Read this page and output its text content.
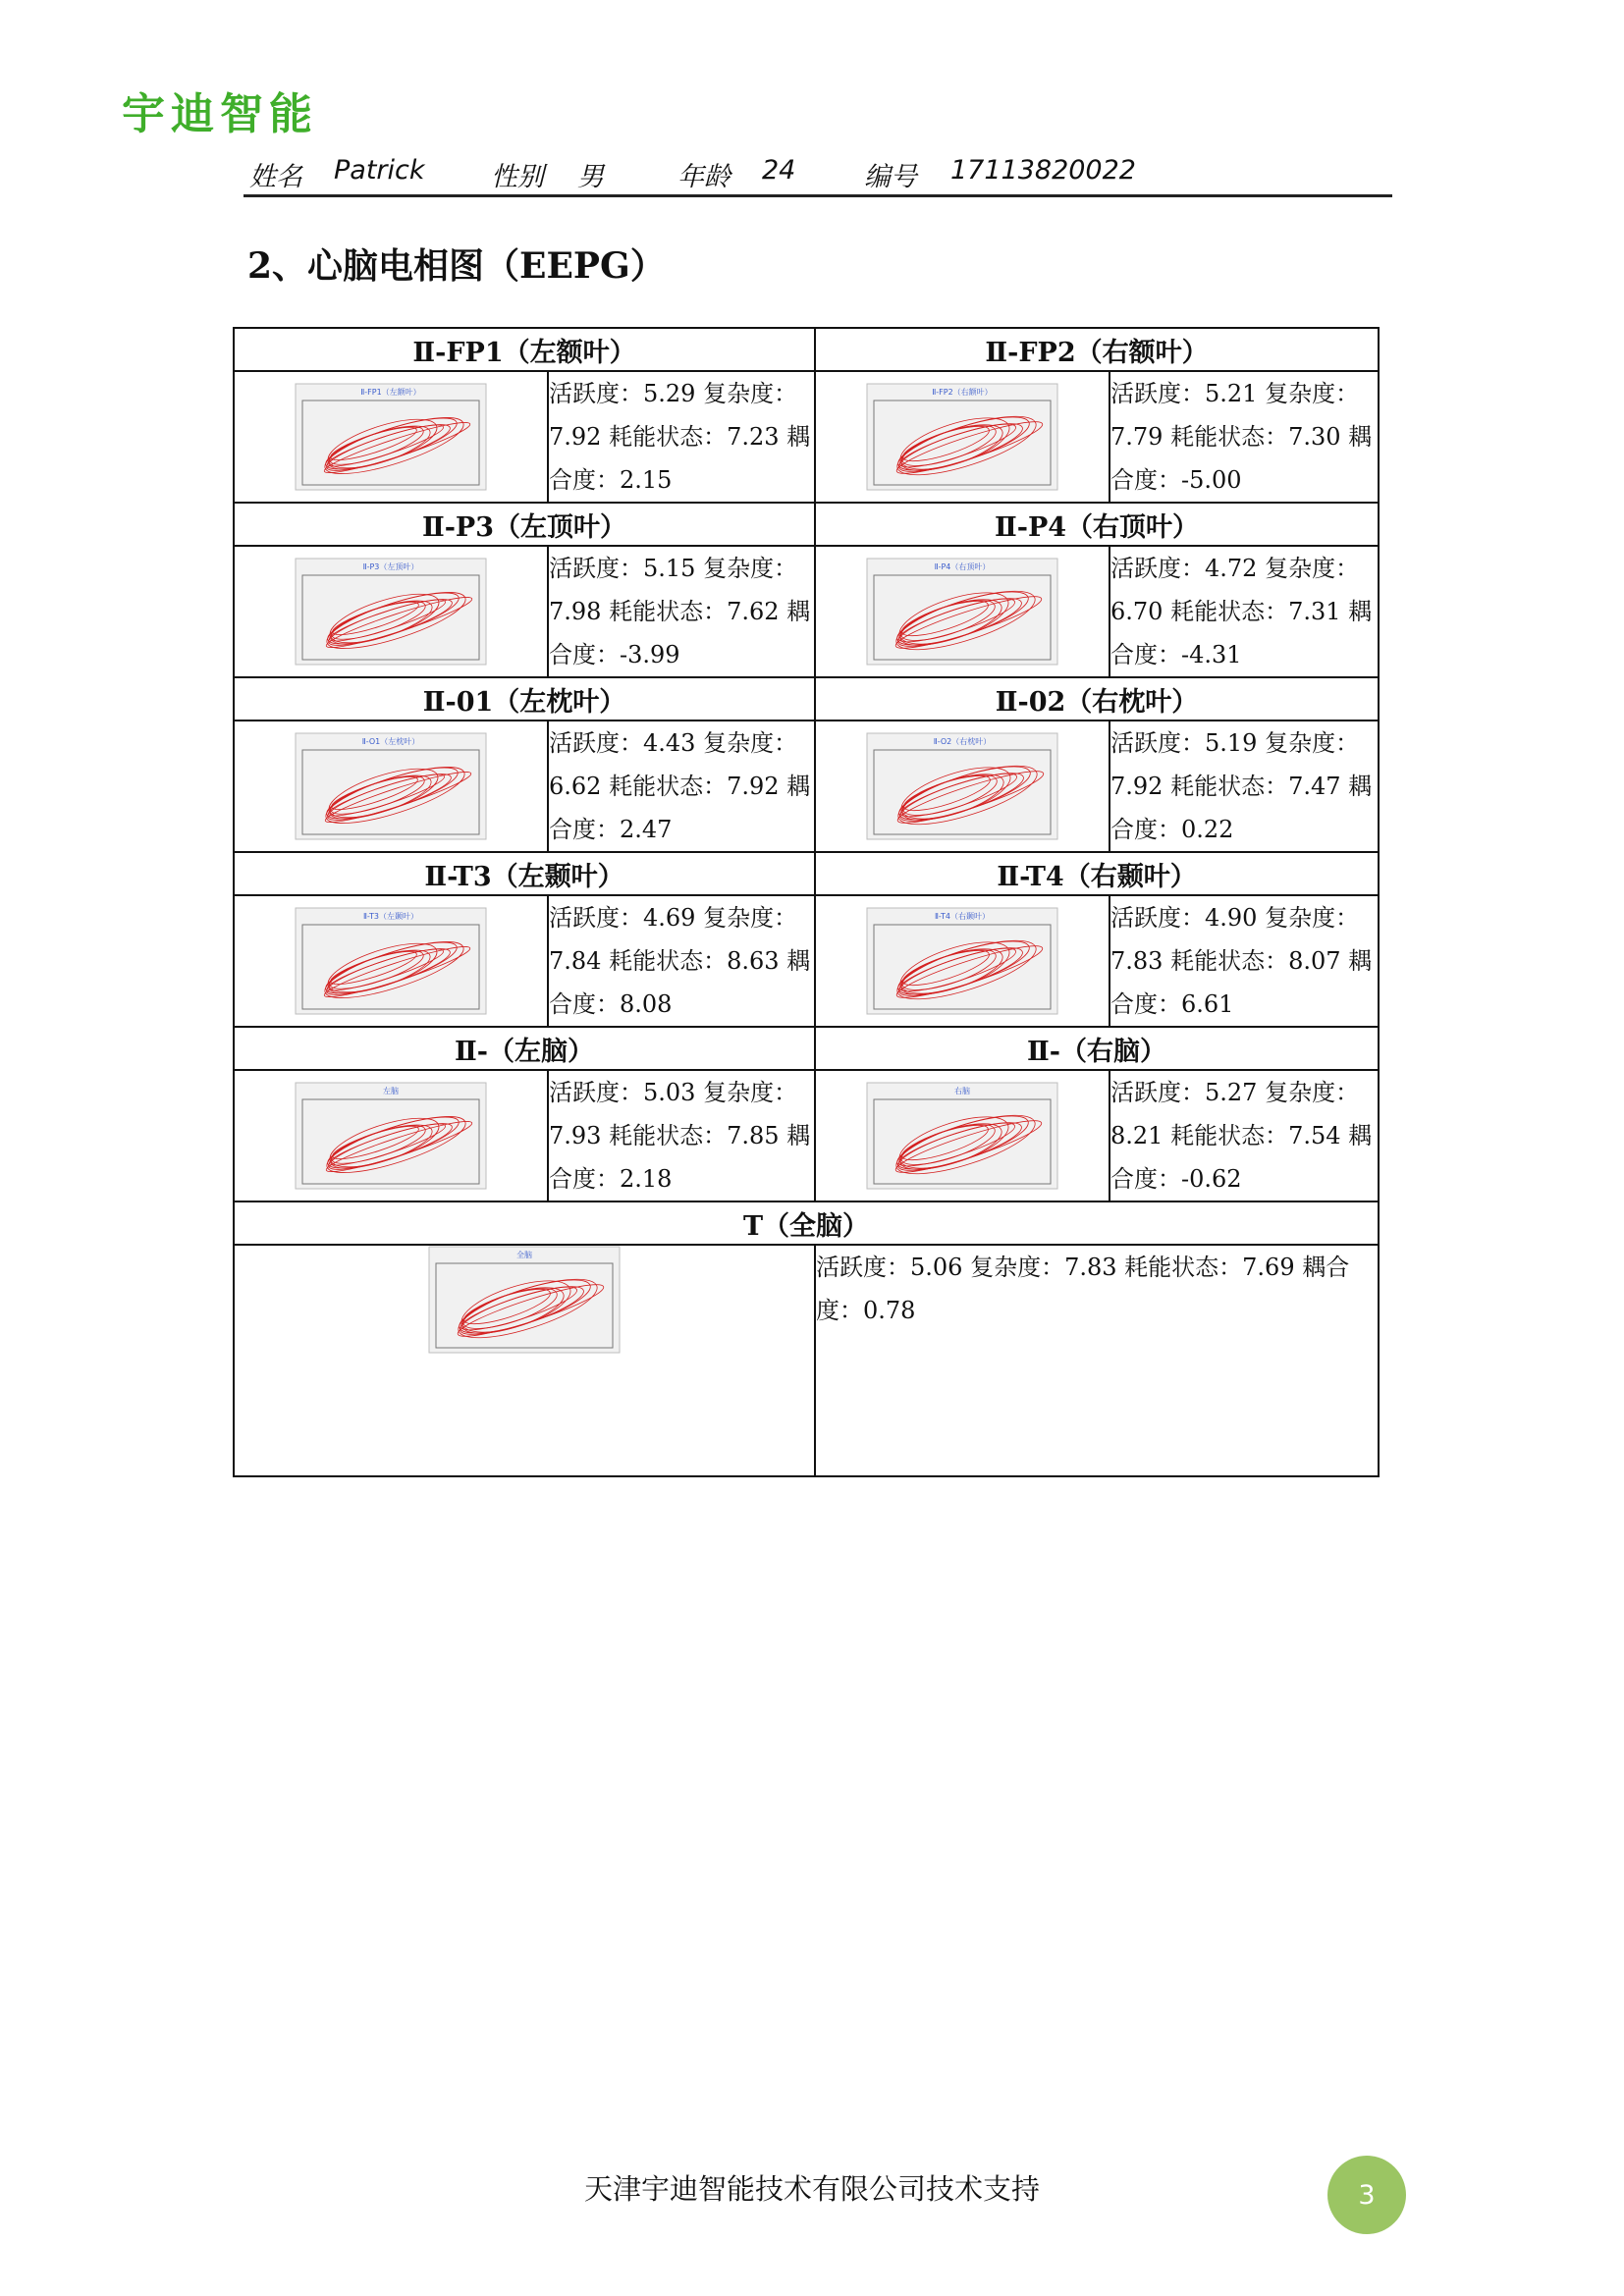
宇迪智能
姓名 Patrick	性别 男	年龄 24	编号 17113820022
2、心脑电相图（EEPG）
Ⅱ-FP1（左额叶）		Ⅱ-FP2（右额叶）	

Ⅱ-FP1（左额叶）	活跃度：5.29 复杂度：7.92 耗能状态：7.23 耦合度：2.15	Ⅱ-FP2（右额叶）	活跃度：5.21 复杂度：7.79 耗能状态：7.30 耦合度：-5.00
Ⅱ-P3（左顶叶）		Ⅱ-P4（右顶叶）	

Ⅱ-P3（左顶叶）	活跃度：5.15 复杂度：7.98 耗能状态：7.62 耦合度：-3.99	Ⅱ-P4（右顶叶）	活跃度：4.72 复杂度：6.70 耗能状态：7.31 耦合度：-4.31
Ⅱ-01（左枕叶）		Ⅱ-02（右枕叶）	

Ⅱ-O1（左枕叶）	活跃度：4.43 复杂度：6.62 耗能状态：7.92 耦合度：2.47	Ⅱ-O2（右枕叶）	活跃度：5.19 复杂度：7.92 耗能状态：7.47 耦合度：0.22
Ⅱ-T3（左颞叶）		Ⅱ-T4（右颞叶）	

Ⅱ-T3（左颞叶）	活跃度：4.69 复杂度：7.84 耗能状态：8.63 耦合度：8.08	Ⅱ-T4（右颞叶）	活跃度：4.90 复杂度：7.83 耗能状态：8.07 耦合度：6.61
Ⅱ-（左脑）		Ⅱ-（右脑）	

左脑	活跃度：5.03 复杂度：7.93 耗能状态：7.85 耦合度：2.18	右脑	活跃度：5.27 复杂度：8.21 耗能状态：7.54 耦合度：-0.62
T（全脑）			

全脑		活跃度：5.06 复杂度：7.83 耗能状态：7.69 耦合度：0.78	
天津宇迪智能技术有限公司技术支持	3
